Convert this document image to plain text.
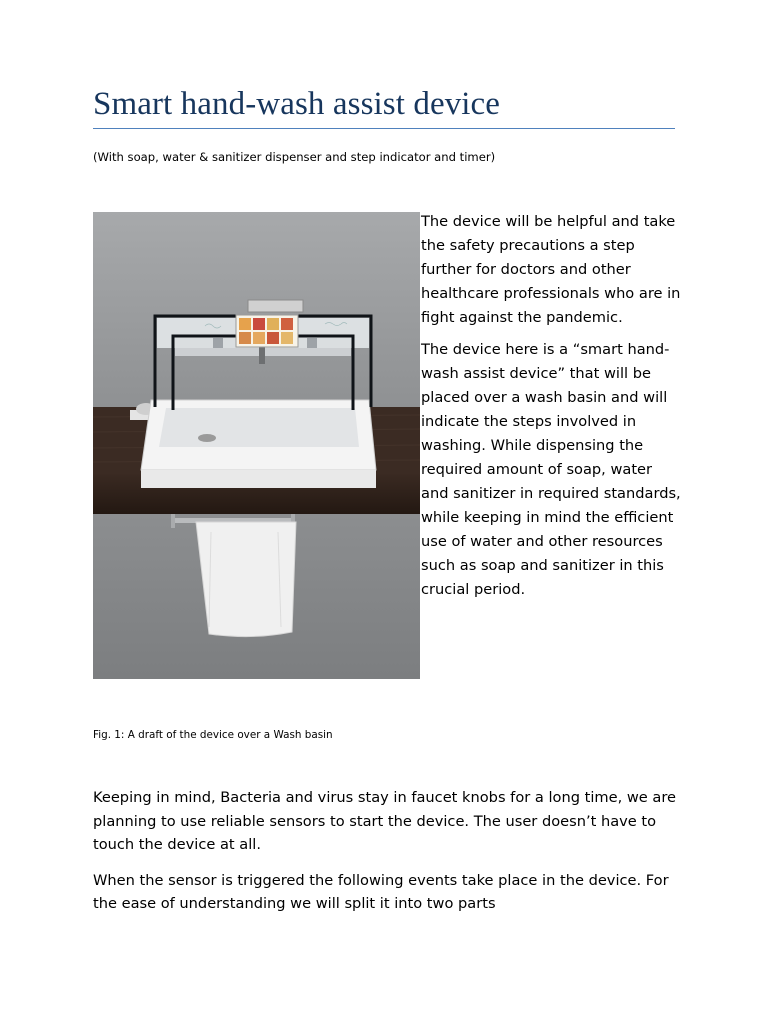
Smart hand-wash assist device
(With soap, water & sanitizer dispenser and step indicator and timer)

The device will be helpful and take the safety precautions a step further for doctors and other healthcare professionals who are in fight against the pandemic.

The device here is a “smart hand-wash assist device” that will be placed over a wash basin and will indicate the steps involved in washing. While dispensing the required amount of soap, water and sanitizer in required standards, while keeping in mind the efficient use of water and other resources such as soap and sanitizer in this crucial period.

Fig. 1: A draft of the device over a Wash basin

Keeping in mind, Bacteria and virus stay in faucet knobs for a long time, we are planning to use reliable sensors to start the device. The user doesn’t have to touch the device at all.

When the sensor is triggered the following events take place in the device. For the ease of understanding we will split it into two parts
